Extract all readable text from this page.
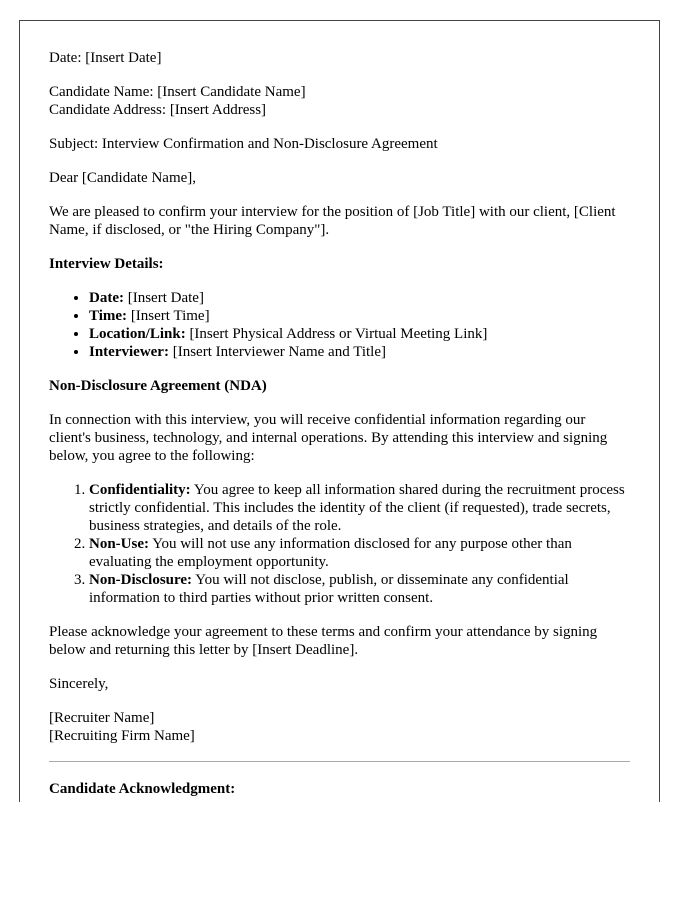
Date: [Insert Date]

Candidate Name: [Insert Candidate Name]

Candidate Address: [Insert Address]

Subject: Interview Confirmation and Non-Disclosure Agreement

Dear [Candidate Name],

We are pleased to confirm your interview for the position of [Job Title] with our client, [Client Name, if disclosed, or "the Hiring Company"].

Interview Details:

• Date: [Insert Date]
• Time: [Insert Time]
• Location/Link: [Insert Physical Address or Virtual Meeting Link]
• Interviewer: [Insert Interviewer Name and Title]

Non-Disclosure Agreement (NDA)

In connection with this interview, you will receive confidential information regarding our client's business, technology, and internal operations. By attending this interview and signing below, you agree to the following:

1. Confidentiality: You agree to keep all information shared during the recruitment process strictly confidential. This includes the identity of the client (if requested), trade secrets, business strategies, and details of the role.
2. Non-Use: You will not use any information disclosed for any purpose other than evaluating the employment opportunity.
3. Non-Disclosure: You will not disclose, publish, or disseminate any confidential information to third parties without prior written consent.

Please acknowledge your agreement to these terms and confirm your attendance by signing below and returning this letter by [Insert Deadline].

Sincerely,

[Recruiter Name]

[Recruiting Firm Name]

Candidate Acknowledgment:
